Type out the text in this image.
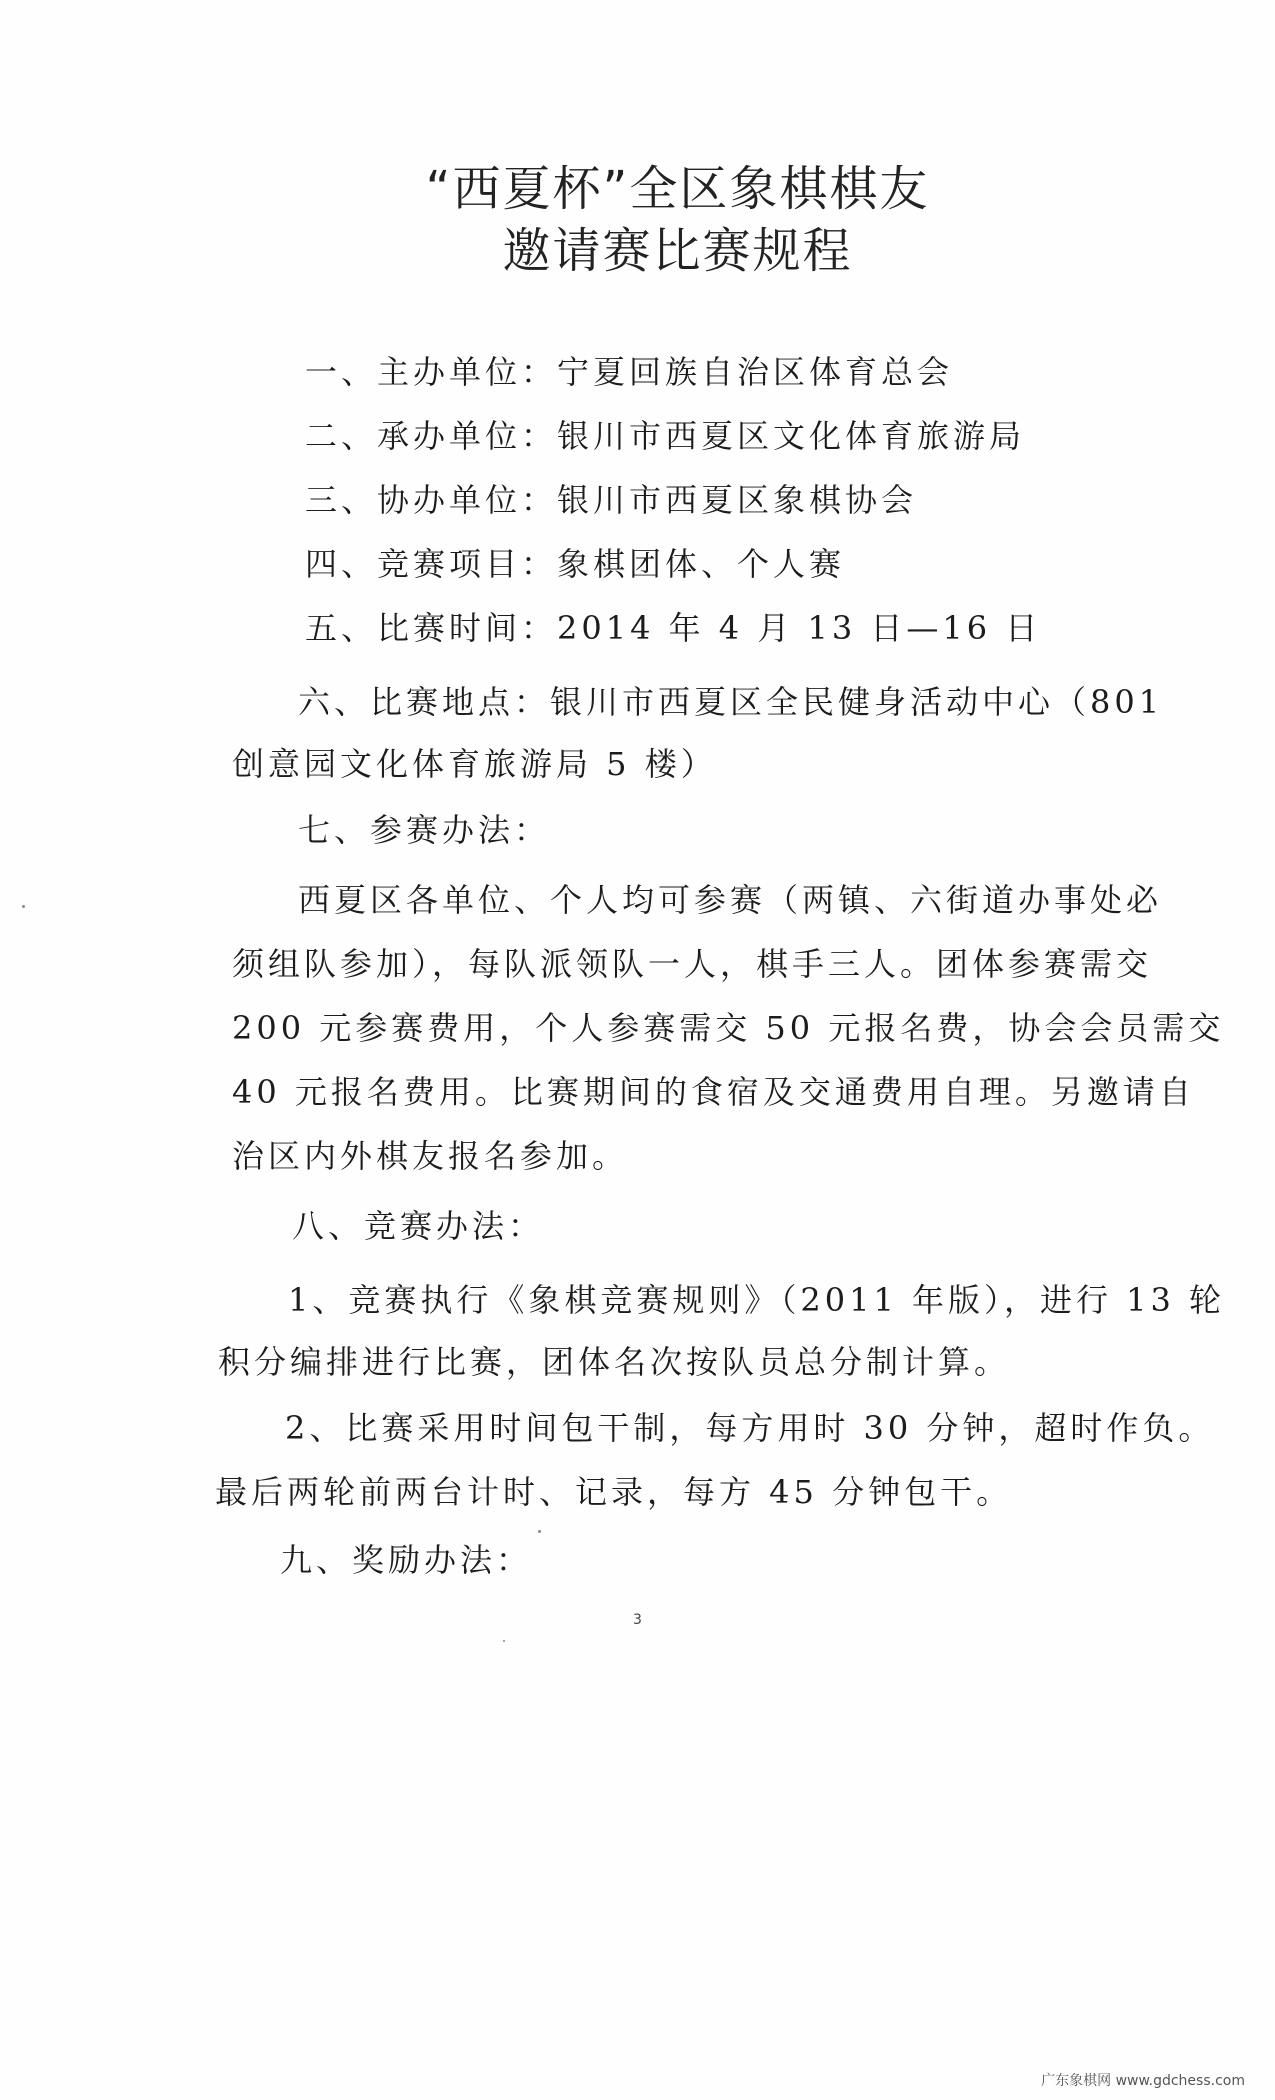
“西夏杯”全区象棋棋友
邀请赛比赛规程
一、主办单位：宁夏回族自治区体育总会
二、承办单位：银川市西夏区文化体育旅游局
三、协办单位：银川市西夏区象棋协会
四、竞赛项目：象棋团体、个人赛
五、比赛时间：2014 年 4 月 13 日—16 日
六、比赛地点：银川市西夏区全民健身活动中心（801
创意园文化体育旅游局 5 楼）
七、参赛办法：
西夏区各单位、个人均可参赛（两镇、六街道办事处必
须组队参加），每队派领队一人，棋手三人。团体参赛需交
200 元参赛费用，个人参赛需交 50 元报名费，协会会员需交
40 元报名费用。比赛期间的食宿及交通费用自理。另邀请自
治区内外棋友报名参加。
八、竞赛办法：
1、竞赛执行《象棋竞赛规则》（2011 年版），进行 13 轮
积分编排进行比赛，团体名次按队员总分制计算。
2、比赛采用时间包干制，每方用时 30 分钟，超时作负。
最后两轮前两台计时、记录，每方 45 分钟包干。
九、奖励办法：
3
广东象棋网 www.gdchess.com
